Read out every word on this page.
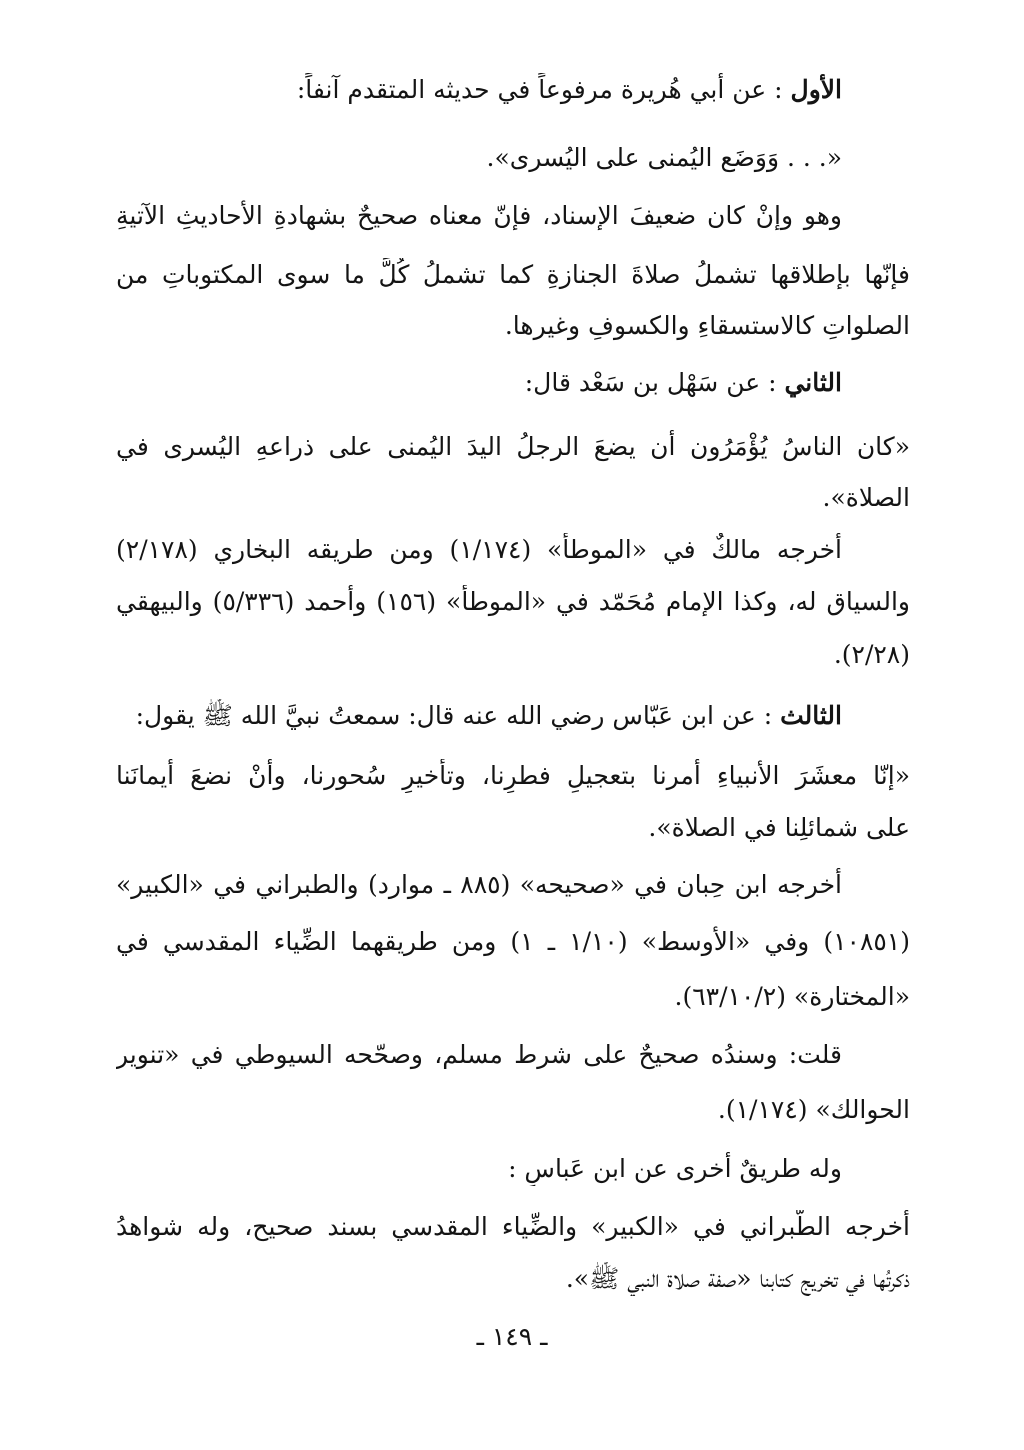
الأول : عن أبي هُريرة مرفوعاً في حديثه المتقدم آنفاً:
«. . . وَوَضَع اليُمنى على اليُسرى».
وهو وإنْ كان ضعيفَ الإسناد، فإنّ معناه صحيحٌ بشهادةِ الأحاديثِ الآتيةِ
فإنّها بإطلاقها تشملُ صلاةَ الجنازةِ كما تشملُ كُلَّ ما سوى المكتوباتِ من
الصلواتِ كالاستسقاءِ والكسوفِ وغيرها.
الثاني : عن سَهْل بن سَعْد قال:
«كان الناسُ يُؤْمَرُون أن يضعَ الرجلُ اليدَ اليُمنى على ذراعهِ اليُسرى في
الصلاة».
أخرجه مالكٌ في «الموطأ» (١/١٧٤) ومن طريقه البخاري (٢/١٧٨)
والسياق له، وكذا الإمام مُحَمّد في «الموطأ» (١٥٦) وأحمد (٥/٣٣٦) والبيهقي
(٢/٢٨).
الثالث : عن ابن عَبّاس رضي الله عنه قال: سمعتُ نبيَّ الله ﷺ يقول:
«إنّا معشَرَ الأنبياءِ أُمرنا بتعجيلِ فطرِنا، وتأخيرِ سُحورنا، وأنْ نضعَ أيمانَنا
على شمائلِنا في الصلاة».
أخرجه ابن حِبان في «صحيحه» (٨٨٥ ـ موارد) والطبراني في «الكبير»
(١٠٨٥١) وفي «الأوسط» (١/١٠ ـ ١) ومن طريقهما الضِّياء المقدسي في
«المختارة» (٦٣/١٠/٢).
قلت: وسندُه صحيحٌ على شرط مسلم، وصحّحه السيوطي في «تنوير
الحوالك» (١/١٧٤).
وله طريقٌ أخرى عن ابن عَباسٍ :
أخرجه الطَّبراني في «الكبير» والضِّياء المقدسي بسند صحيح، وله شواهدُ
ذكرتُها في تخريجِ كتابنا «صفة صلاة النبي ﷺ».
ـ ١٤٩ ـ
